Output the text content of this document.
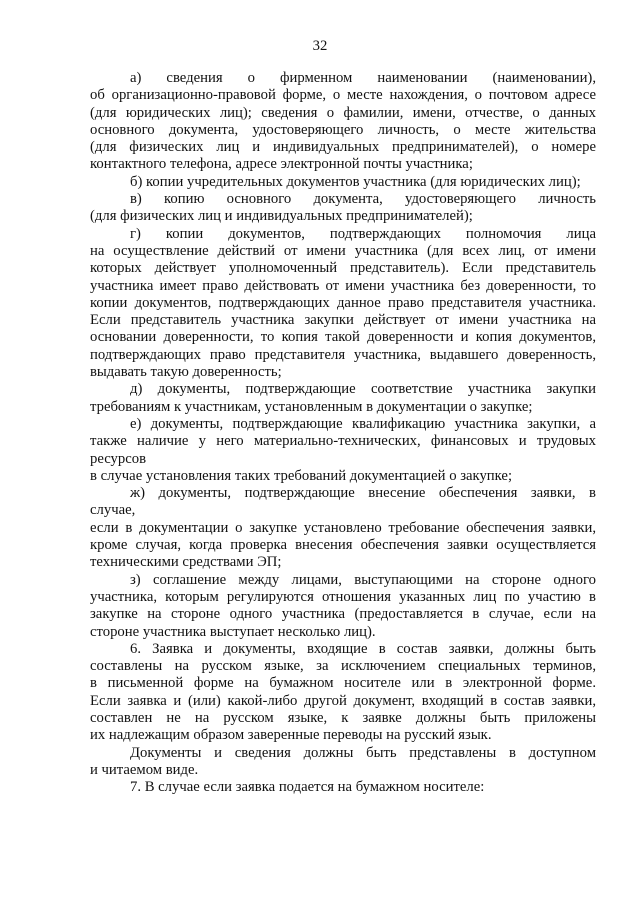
32
а) сведения о фирменном наименовании (наименовании),
об организационно-правовой форме, о месте нахождения, о почтовом адресе
(для юридических лиц); сведения о фамилии, имени, отчестве, о данных
основного документа, удостоверяющего личность, о месте жительства
(для физических лиц и индивидуальных предпринимателей), о номере
контактного телефона, адресе электронной почты участника;
б) копии учредительных документов участника (для юридических лиц);
в) копию основного документа, удостоверяющего личность
(для физических лиц и индивидуальных предпринимателей);
г) копии документов, подтверждающих полномочия лица
на осуществление действий от имени участника (для всех лиц, от имени
которых действует уполномоченный представитель). Если представитель
участника имеет право действовать от имени участника без доверенности, то
копии документов, подтверждающих данное право представителя участника.
Если представитель участника закупки действует от имени участника на
основании доверенности, то копия такой доверенности и копия документов,
подтверждающих право представителя участника, выдавшего доверенность,
выдавать такую доверенность;
д) документы, подтверждающие соответствие участника закупки
требованиям к участникам, установленным в документации о закупке;
е) документы, подтверждающие квалификацию участника закупки, а
также наличие у него материально-технических, финансовых и трудовых
ресурсов
в случае установления таких требований документацией о закупке;
ж) документы, подтверждающие внесение обеспечения заявки, в
случае,
если в документации о закупке установлено требование обеспечения заявки,
кроме случая, когда проверка внесения обеспечения заявки осуществляется
техническими средствами ЭП;
з) соглашение между лицами, выступающими на стороне одного
участника, которым регулируются отношения указанных лиц по участию в
закупке на стороне одного участника (предоставляется в случае, если на
стороне участника выступает несколько лиц).
6. Заявка и документы, входящие в состав заявки, должны быть
составлены на русском языке, за исключением специальных терминов,
в письменной форме на бумажном носителе или в электронной форме.
Если заявка и (или) какой-либо другой документ, входящий в состав заявки,
составлен не на русском языке, к заявке должны быть приложены
их надлежащим образом заверенные переводы на русский язык.
Документы и сведения должны быть представлены в доступном
и читаемом виде.
7. В случае если заявка подается на бумажном носителе:
